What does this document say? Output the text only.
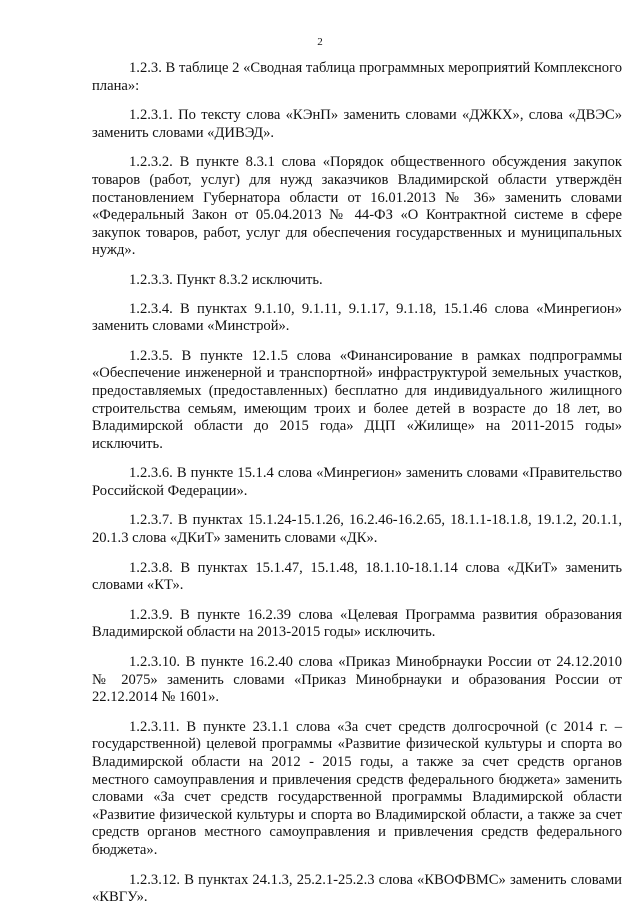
2

1.2.3. В таблице 2 «Сводная таблица программных мероприятий Комплексного плана»:

1.2.3.1. По тексту слова «КЭнП» заменить словами «ДЖКХ», слова «ДВЭС» заменить словами «ДИВЭД».

1.2.3.2. В пункте 8.3.1 слова «Порядок общественного обсуждения закупок товаров (работ, услуг) для нужд заказчиков Владимирской области утверждён постановлением Губернатора области от 16.01.2013 № 36» заменить словами «Федеральный Закон от 05.04.2013 № 44-ФЗ «О Контрактной системе в сфере закупок товаров, работ, услуг для обеспечения государственных и муниципальных нужд».

1.2.3.3. Пункт 8.3.2 исключить.

1.2.3.4. В пунктах 9.1.10, 9.1.11, 9.1.17, 9.1.18, 15.1.46 слова «Минрегион» заменить словами «Минстрой».

1.2.3.5. В пункте 12.1.5 слова «Финансирование в рамках подпрограммы «Обеспечение инженерной и транспортной» инфраструктурой земельных участков, предоставляемых (предоставленных) бесплатно для индивидуального жилищного строительства семьям, имеющим троих и более детей в возрасте до 18 лет, во Владимирской области до 2015 года» ДЦП «Жилище» на 2011-2015 годы» исключить.

1.2.3.6. В пункте 15.1.4 слова «Минрегион» заменить словами «Правительство Российской Федерации».

1.2.3.7. В пунктах 15.1.24-15.1.26, 16.2.46-16.2.65, 18.1.1-18.1.8, 19.1.2, 20.1.1, 20.1.3 слова «ДКиТ» заменить словами «ДК».

1.2.3.8. В пунктах 15.1.47, 15.1.48, 18.1.10-18.1.14 слова «ДКиТ» заменить словами «КТ».

1.2.3.9. В пункте 16.2.39 слова «Целевая Программа развития образования Владимирской области на 2013-2015 годы» исключить.

1.2.3.10. В пункте 16.2.40 слова «Приказ Минобрнауки России от 24.12.2010 № 2075» заменить словами «Приказ Минобрнауки и образования России от 22.12.2014 № 1601».

1.2.3.11. В пункте 23.1.1 слова «За счет средств долгосрочной (с 2014 г. – государственной) целевой программы «Развитие физической культуры и спорта во Владимирской области на 2012 - 2015 годы, а также за счет средств органов местного самоуправления и привлечения средств федерального бюджета» заменить словами «За счет средств государственной программы Владимирской области «Развитие физической культуры и спорта во Владимирской области, а также за счет средств органов местного самоуправления и привлечения средств федерального бюджета».

1.2.3.12. В пунктах 24.1.3, 25.2.1-25.2.3 слова «КВОФВМС» заменить словами «КВГУ».
